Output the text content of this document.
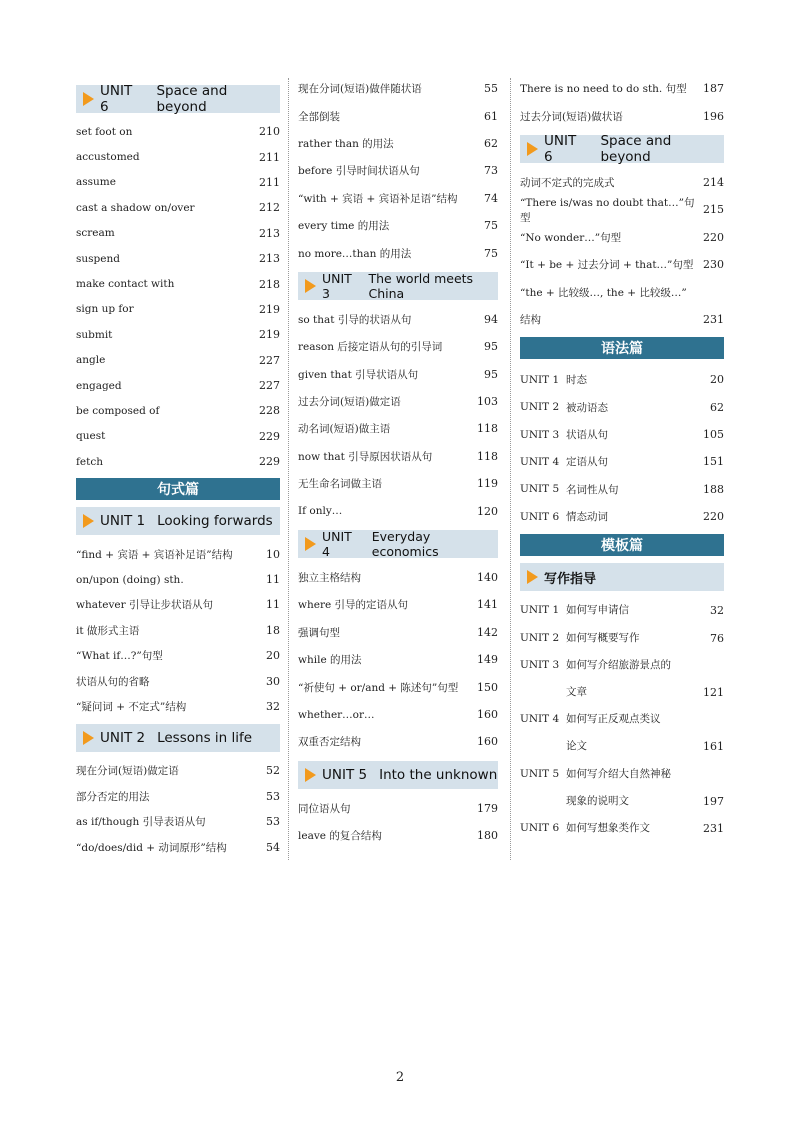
UNIT 6
Space and beyond
set foot on	210
accustomed	211
assume	211
cast a shadow on/over	212
scream	213
suspend	213
make contact with	218
sign up for	219
submit	219
angle	227
engaged	227
be composed of	228
quest	229
fetch	229
句式篇
UNIT 1 Looking forwards
“find + 宾语 + 宾语补足语”结构	10
on/upon (doing) sth.	11
whatever 引导让步状语从句	11
it 做形式主语	18
“What if…?”句型	20
状语从句的省略	30
“疑问词 + 不定式”结构	32
UNIT 2 Lessons in life
现在分词(短语)做定语	52
部分否定的用法	53
as if/though 引导表语从句	53
“do/does/did + 动词原形”结构	54
现在分词(短语)做伴随状语	55
全部倒装	61
rather than 的用法	62
before 引导时间状语从句	73
“with + 宾语 + 宾语补足语”结构 74
every time 的用法	75
no more…than 的用法	75
UNIT 3
The world meets China
so that 引导的状语从句	94
reason 后接定语从句的引导词	95
given that 引导状语从句	95
过去分词(短语)做定语	103
动名词(短语)做主语	118
now that 引导原因状语从句	118
无生命名词做主语	119
If only…	120
UNIT 4
Everyday economics
独立主格结构	140
where 引导的定语从句	141
强调句型	142
while 的用法	149
“祈使句 + or/and + 陈述句”句型 150
whether…or…	160
双重否定结构	160
UNIT 5 Into the unknown
同位语从句	179
leave 的复合结构	180
There is no need to do sth. 句型 187
过去分词(短语)做状语	196
UNIT 6
Space and beyond
动词不定式的完成式	214
“There is/was no doubt that…”句型
215
“No wonder…”句型	220
“It + be + 过去分词 + that…”句型 230
“the + 比较级…, the + 比较级…”
结构	231
语法篇
UNIT 1 时态	20
UNIT 2 被动语态	62
UNIT 3 状语从句	105
UNIT 4 定语从句	151
UNIT 5 名词性从句	188
UNIT 6 情态动词	220
模板篇
写作指导
UNIT 1 如何写申请信	32
UNIT 2 如何写概要写作	76
UNIT 3 如何写介绍旅游景点的
文章	121
UNIT 4 如何写正反观点类议
论文	161
UNIT 5 如何写介绍大自然神秘
现象的说明文	197
UNIT 6 如何写想象类作文	231
2
